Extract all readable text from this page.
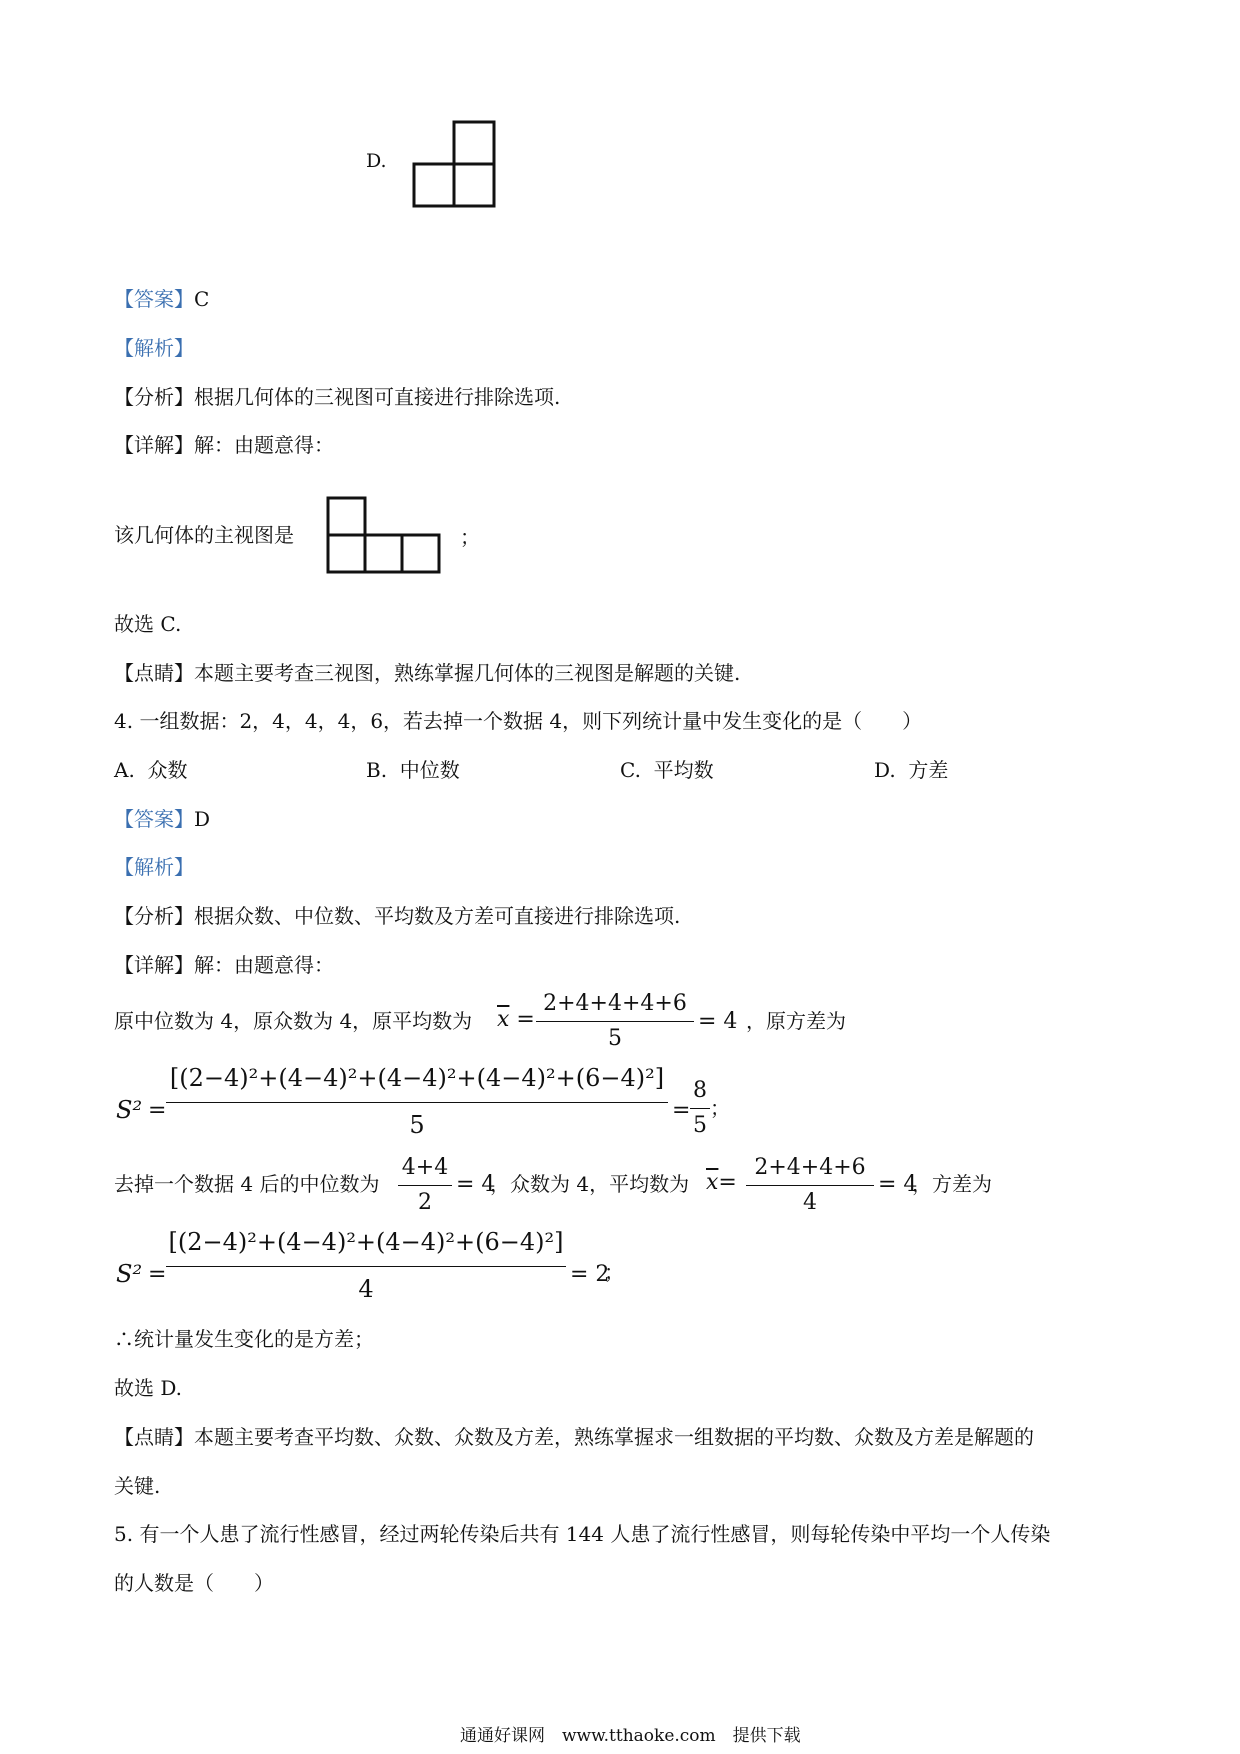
D.
【答案】C
【解析】
【分析】根据几何体的三视图可直接进行排除选项.
【详解】解：由题意得：
该几何体的主视图是	；
故选 C.
【点睛】本题主要考查三视图，熟练掌握几何体的三视图是解题的关键.
4. 一组数据：2，4，4，4，6，若去掉一个数据 4，则下列统计量中发生变化的是（　　）
A. 众数	B. 中位数	C. 平均数	D. 方差
【答案】D
【解析】
【分析】根据众数、中位数、平均数及方差可直接进行排除选项.
【详解】解：由题意得：
原中位数为 4，原众数为 4，原平均数为 $\overline{x}$ =
2+4+4+4+6
5
= 4 ，原方差为
S² =
[(2−4)²+(4−4)²+(4−4)²+(4−4)²+(6−4)²]
5
=
8
5
；
去掉一个数据 4 后的中位数为
4+4
2
= 4
，众数为 4，平均数为 $\overline{x}=$
2+4+4+6
4
= 4
，方差为
S² =
[(2−4)²+(4−4)²+(4−4)²+(6−4)²]
4
= 2
；
∴统计量发生变化的是方差；
故选 D.
【点睛】本题主要考查平均数、众数、众数及方差，熟练掌握求一组数据的平均数、众数及方差是解题的
关键.
5. 有一个人患了流行性感冒，经过两轮传染后共有 144 人患了流行性感冒，则每轮传染中平均一个人传染
的人数是（　　）
通通好课网　www.tthaoke.com　提供下载
